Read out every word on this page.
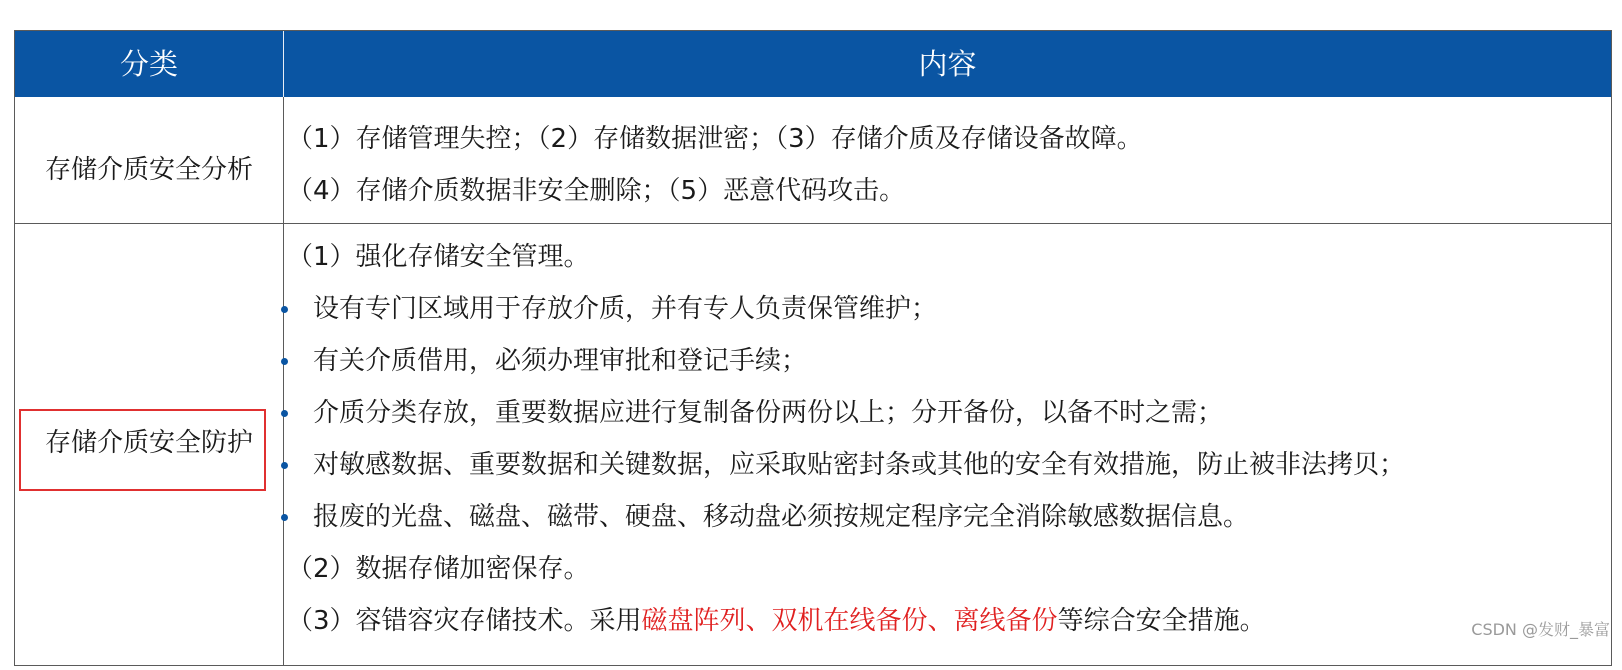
分类	内容
存储介质安全分析
（1）存储管理失控；（2）存储数据泄密；（3）存储介质及存储设备故障。
（4）存储介质数据非安全删除；（5）恶意代码攻击。
存储介质安全防护
（1）强化存储安全管理。
设有专门区域用于存放介质，并有专人负责保管维护；
有关介质借用，必须办理审批和登记手续；
介质分类存放，重要数据应进行复制备份两份以上；分开备份，以备不时之需；
对敏感数据、重要数据和关键数据，应采取贴密封条或其他的安全有效措施，防止被非法拷贝；
报废的光盘、磁盘、磁带、硬盘、移动盘必须按规定程序完全消除敏感数据信息。
（2）数据存储加密保存。
（3）容错容灾存储技术。采用磁盘阵列、双机在线备份、离线备份等综合安全措施。	CSDN @发财_暴富
